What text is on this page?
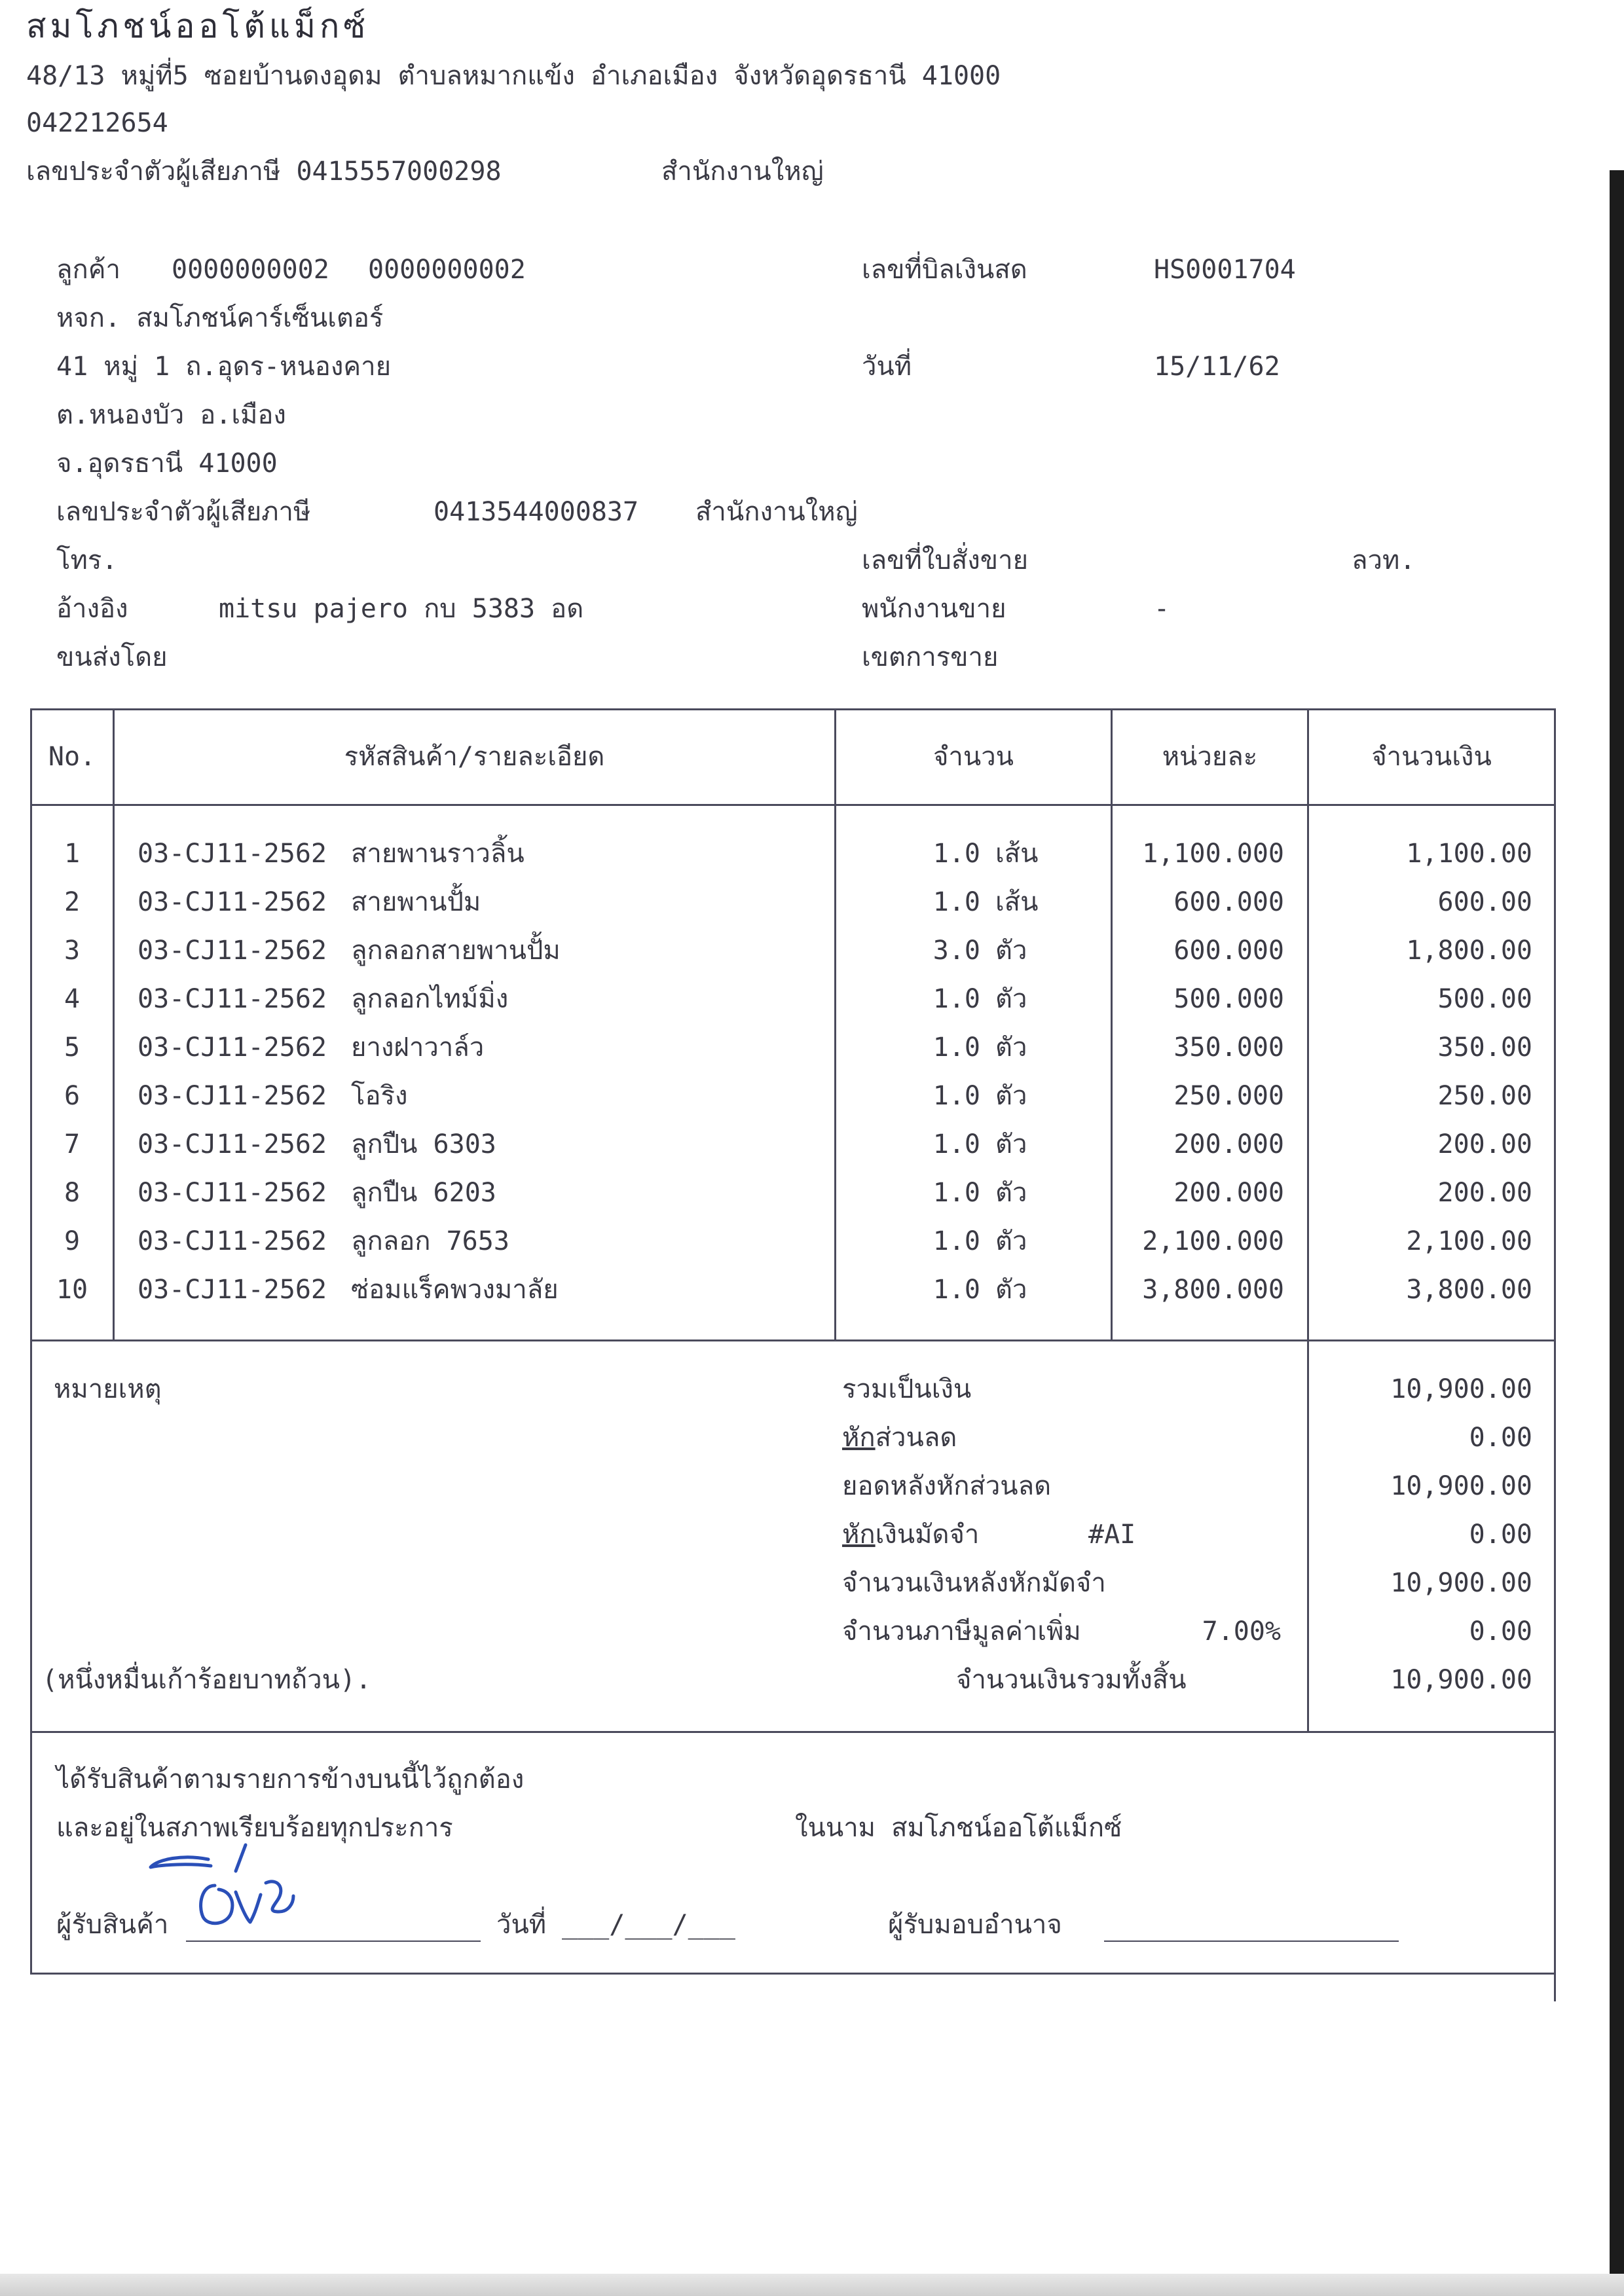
สมโภชน์ออโต้แม็กซ์
48/13 หมู่ที่5 ซอยบ้านดงอุดม ตำบลหมากแข้ง อำเภอเมือง จังหวัดอุดรธานี 41000
042212654
เลขประจำตัวผู้เสียภาษี 0415557000298	สำนักงานใหญ่
ลูกค้า 0000000002 0000000002
หจก. สมโภชน์คาร์เซ็นเตอร์
41 หมู่ 1 ถ.อุดร-หนองคาย
ต.หนองบัว อ.เมือง
จ.อุดรธานี 41000
เลขประจำตัวผู้เสียภาษี	0413544000837 สำนักงานใหญ่
โทร.
อ้างอิง	mitsu pajero กบ 5383 อด
ขนส่งโดย
เลขที่บิลเงินสด	HS0001704
วันที่	15/11/62
เลขที่ใบสั่งขาย	ลวท.
พนักงานขาย	-
เขตการขาย
No.	รหัสสินค้า/รายละเอียด	จำนวน	หน่วยละ	จำนวนเงิน
1	03-CJ11-2562 สายพานราวลิ้น	1.0 เส้น	1,100.000	1,100.00
2	03-CJ11-2562 สายพานปั้ม	1.0 เส้น	600.000	600.00
3	03-CJ11-2562 ลูกลอกสายพานปั้ม	3.0 ตัว	600.000	1,800.00
4	03-CJ11-2562 ลูกลอกไทม์มิ่ง	1.0 ตัว	500.000	500.00
5	03-CJ11-2562 ยางฝาวาล์ว	1.0 ตัว	350.000	350.00
6	03-CJ11-2562 โอริง	1.0 ตัว	250.000	250.00
7	03-CJ11-2562 ลูกปืน 6303	1.0 ตัว	200.000	200.00
8	03-CJ11-2562 ลูกปืน 6203	1.0 ตัว	200.000	200.00
9	03-CJ11-2562 ลูกลอก 7653	1.0 ตัว	2,100.000	2,100.00
10	03-CJ11-2562 ซ่อมแร็คพวงมาลัย	1.0 ตัว	3,800.000	3,800.00
หมายเหตุ	รวมเป็นเงิน	10,900.00
หักส่วนลด	0.00
ยอดหลังหักส่วนลด	10,900.00
หักเงินมัดจำ	#AI	0.00
จำนวนเงินหลังหักมัดจำ	10,900.00
จำนวนภาษีมูลค่าเพิ่ม	7.00%	0.00
(หนึ่งหมื่นเก้าร้อยบาทถ้วน).	จำนวนเงินรวมทั้งสิ้น	10,900.00
ได้รับสินค้าตามรายการข้างบนนี้ไว้ถูกต้อง
และอยู่ในสภาพเรียบร้อยทุกประการ	ในนาม สมโภชน์ออโต้แม็กซ์
ผู้รับสินค้า	วันที่ ___/___/___	ผู้รับมอบอำนาจ
